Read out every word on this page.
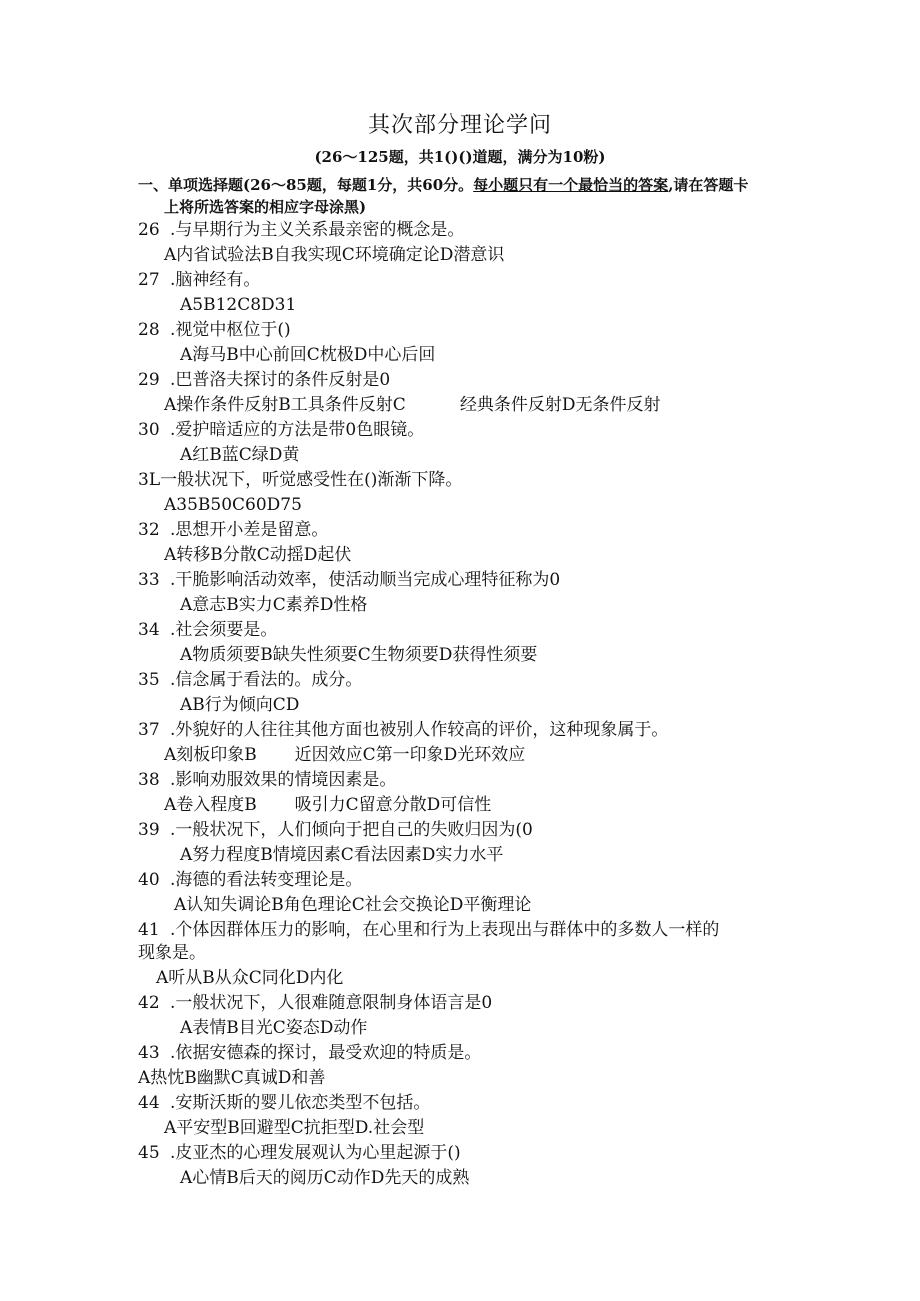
其次部分理论学问
(26～125题，共1()()道题，满分为10粉)
一、单项选择题(26～85题，每题1分，共60分。每小题只有一个最恰当的答案,请在答题卡
上将所选答案的相应字母涂黑)
26 .与早期行为主义关系最亲密的概念是。
A内省试验法B自我实现C环境确定论D潜意识
27 .脑神经有。
A5B12C8D31
28 .视觉中枢位于()
A海马B中心前回C枕极D中心后回
29 .巴普洛夫探讨的条件反射是0
A操作条件反射B工具条件反射C          经典条件反射D无条件反射
30 .爱护暗适应的方法是带0色眼镜。
A红B蓝C绿D黄
3L一般状况下，听觉感受性在()渐渐下降。
A35B50C60D75
32 .思想开小差是留意。
A转移B分散C动摇D起伏
33 .干脆影响活动效率，使活动顺当完成心理特征称为0
A意志B实力C素养D性格
34 .社会须要是。
A物质须要B缺失性须要C生物须要D获得性须要
35 .信念属于看法的。成分。
AB行为倾向CD
37 .外貌好的人往往其他方面也被别人作较高的评价，这种现象属于。
A刻板印象B       近因效应C第一印象D光环效应
38 .影响劝服效果的情境因素是。
A卷入程度B       吸引力C留意分散D可信性
39 .一般状况下，人们倾向于把自己的失败归因为(0
A努力程度B情境因素C看法因素D实力水平
40 .海德的看法转变理论是。
A认知失调论B角色理论C社会交换论D平衡理论
41 .个体因群体压力的影响，在心里和行为上表现出与群体中的多数人一样的
现象是。
A听从B从众C同化D内化
42 .一般状况下，人很难随意限制身体语言是0
A表情B目光C姿态D动作
43 .依据安德森的探讨，最受欢迎的特质是。
A热忱B幽默C真诚D和善
44 .安斯沃斯的婴儿依恋类型不包括。
A平安型B回避型C抗拒型D.社会型
45 .皮亚杰的心理发展观认为心里起源于()
A心情B后天的阅历C动作D先天的成熟
